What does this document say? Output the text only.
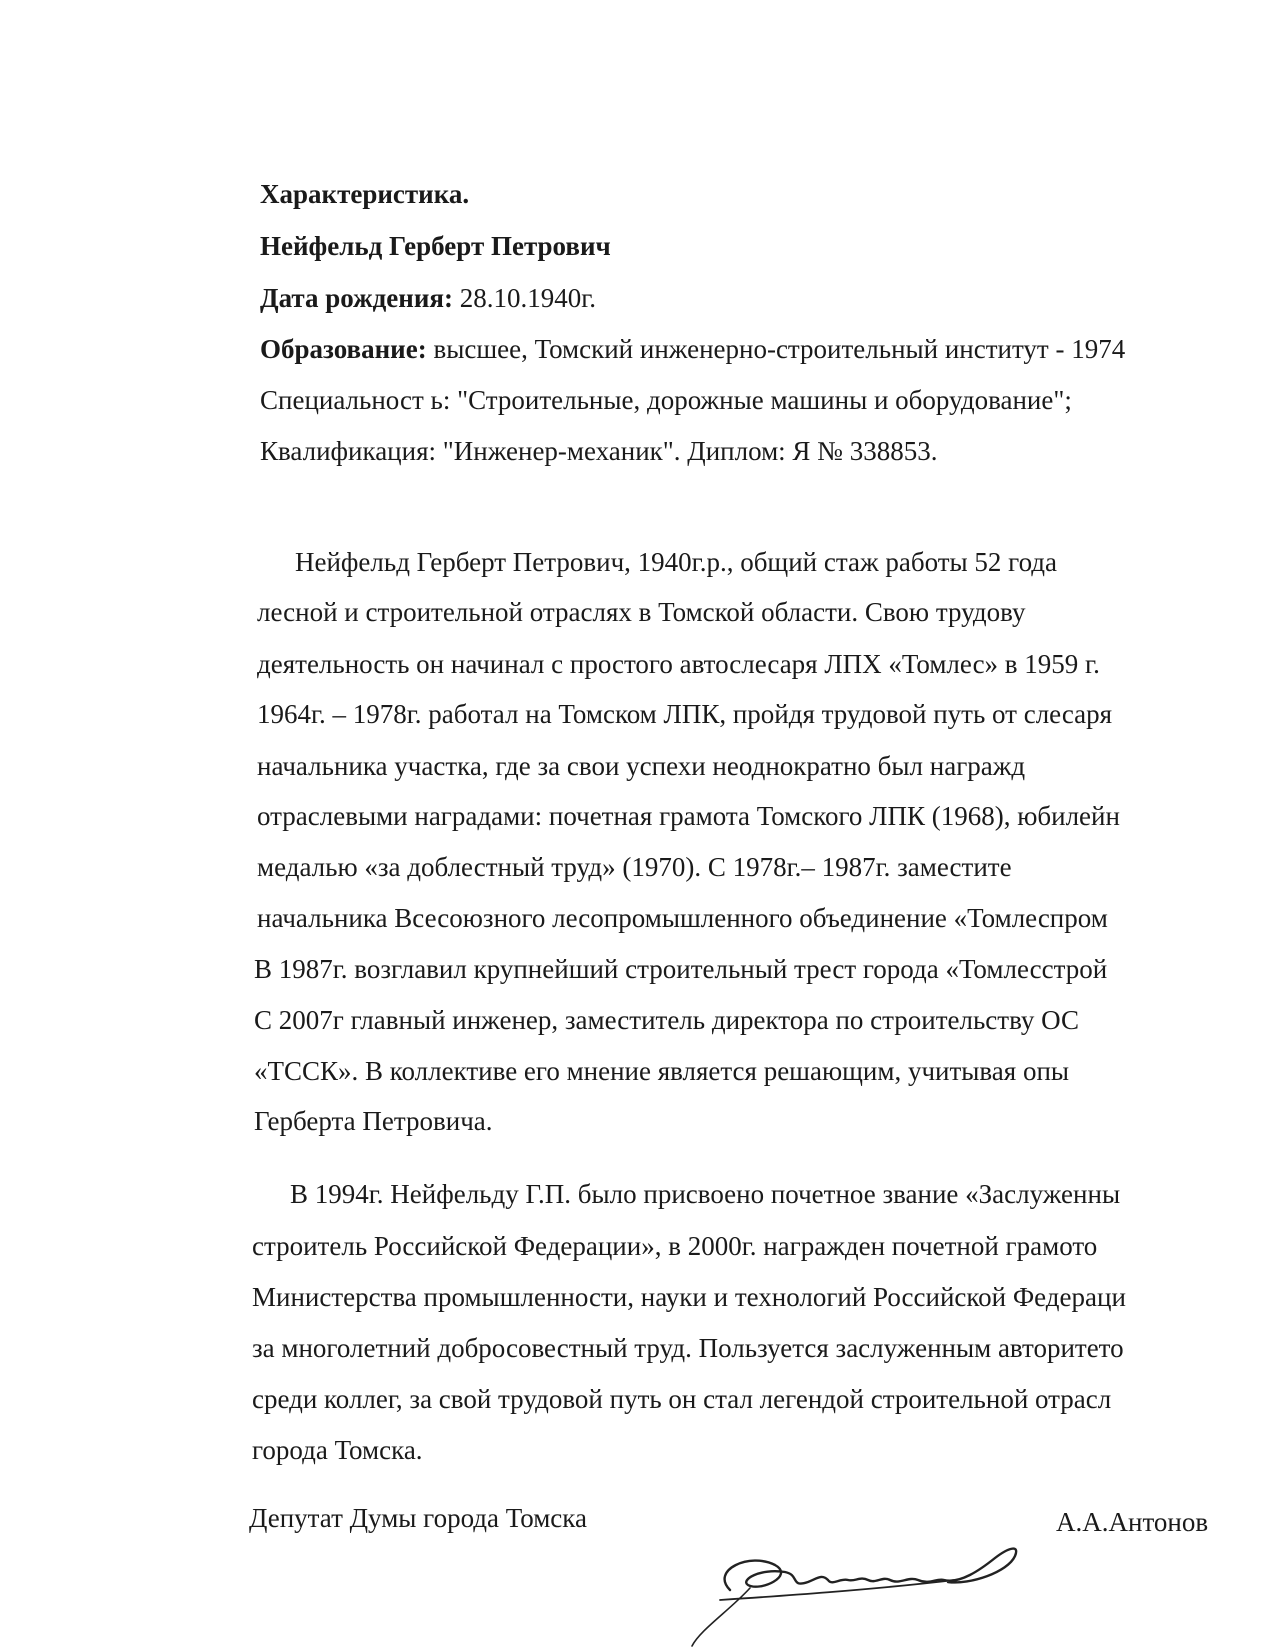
Характеристика.
Нейфельд Герберт Петрович
Дата рождения: 28.10.1940г.
Образование: высшее, Томский инженерно-строительный институт - 1974
Специальност ь: "Строительные, дорожные машины и оборудование";
Квалификация: "Инженер-механик". Диплом: Я № 338853.
Нейфельд Герберт Петрович, 1940г.р., общий стаж работы 52 года
лесной и строительной отраслях в Томской области. Свою трудову
деятельность он начинал с простого автослесаря ЛПХ «Томлес» в 1959 г.
1964г. – 1978г. работал на Томском ЛПК, пройдя трудовой путь от слесаря
начальника участка, где за свои успехи неоднократно был награжд
отраслевыми наградами: почетная грамота Томского ЛПК (1968), юбилейн
медалью «за доблестный труд» (1970). С 1978г.– 1987г. заместите
начальника Всесоюзного лесопромышленного объединение «Томлеспром
В 1987г. возглавил крупнейший строительный трест города «Томлесстрой
С 2007г главный инженер, заместитель директора по строительству ОС
«ТССК». В коллективе его мнение является решающим, учитывая опы
Герберта Петровича.
В 1994г. Нейфельду Г.П. было присвоено почетное звание «Заслуженны
строитель Российской Федерации», в 2000г. награжден почетной грамото
Министерства промышленности, науки и технологий Российской Федераци
за многолетний добросовестный труд. Пользуется заслуженным авторитето
среди коллег, за свой трудовой путь он стал легендой строительной отрасл
города Томска.
Депутат Думы города Томска	А.А.Антонов
